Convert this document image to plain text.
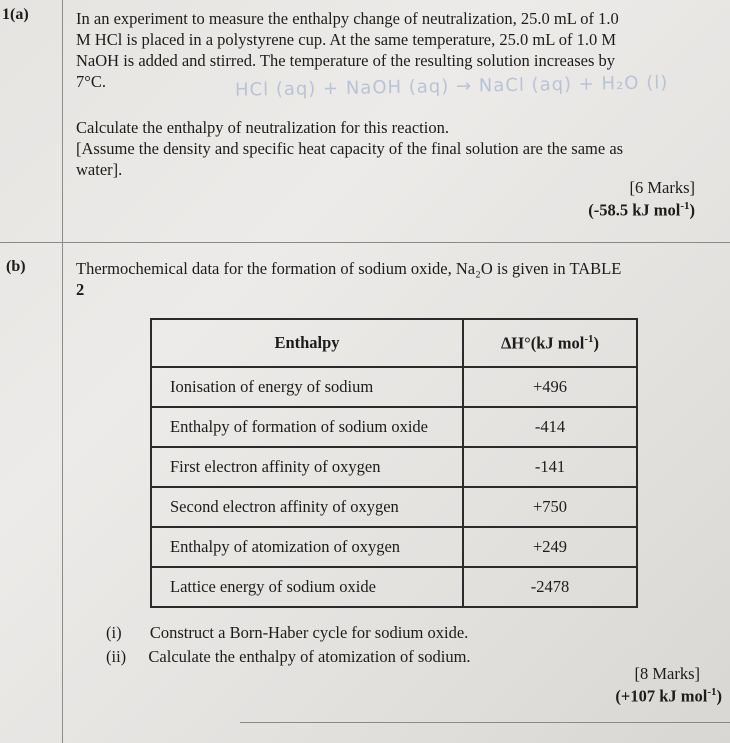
1(a)	In an experiment to measure the enthalpy change of neutralization, 25.0 mL of 1.0
M HCl is placed in a polystyrene cup. At the same temperature, 25.0 mL of 1.0 M
NaOH is added and stirred. The temperature of the resulting solution increases by
7°C.	HCl (aq) + NaOH (aq) → NaCl (aq) + H₂O (l)
Calculate the enthalpy of neutralization for this reaction.
[Assume the density and specific heat capacity of the final solution are the same as
water].
[6 Marks]
(-58.5 kJ mol$^{-1}$)
(b)	Thermochemical data for the formation of sodium oxide, Na₂O is given in TABLE
2
Enthalpy	ΔH°(kJ mol$^{-1}$)
Ionisation of energy of sodium	+496
Enthalpy of formation of sodium oxide	-414
First electron affinity of oxygen	-141
Second electron affinity of oxygen	+750
Enthalpy of atomization of oxygen	+249
Lattice energy of sodium oxide	-2478
(i) Construct a Born-Haber cycle for sodium oxide.
(ii) Calculate the enthalpy of atomization of sodium.
[8 Marks]
(+107 kJ mol$^{-1}$)
